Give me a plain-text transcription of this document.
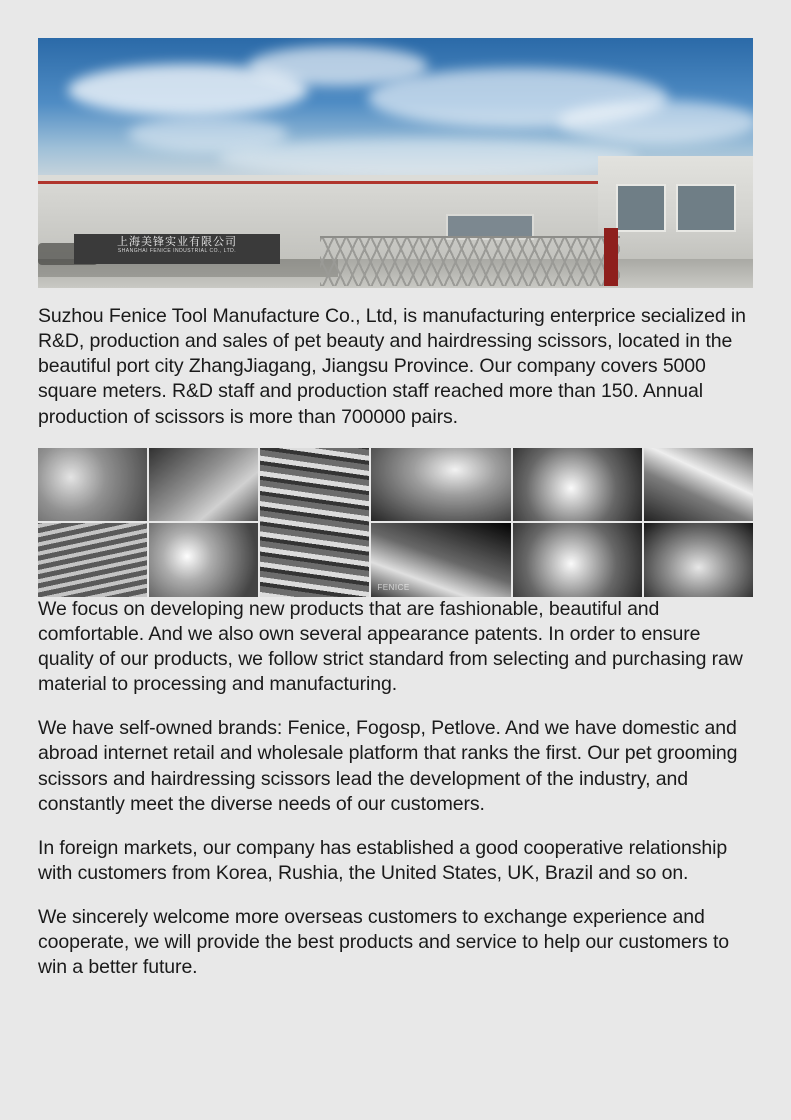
上海美锋实业有限公司
SHANGHAI FENICE INDUSTRIAL CO., LTD.

Suzhou Fenice Tool Manufacture Co., Ltd, is manufacturing enterprice secialized in R&D, production and sales of pet beauty and hairdressing scissors, located in the beautiful port city ZhangJiagang, Jiangsu Province. Our company covers 5000 square meters. R&D staff and production staff reached more than 150. Annual production of scissors is more than 700000 pairs.

FENICE

We focus on developing new products that are fashionable, beautiful and comfortable. And we also own several appearance patents. In order to ensure quality of our products, we follow strict standard from selecting and purchasing raw material to processing and manufacturing.

We have self-owned brands: Fenice, Fogosp, Petlove. And we have domestic and abroad internet retail and wholesale platform that ranks the first. Our pet grooming scissors and hairdressing scissors lead the development of the industry, and constantly meet the diverse needs of our customers.

In foreign markets, our company has established a good cooperative relationship with customers from Korea, Rushia, the United States, UK, Brazil and so on.

We sincerely welcome more overseas customers to exchange experience and cooperate, we will provide the best products and service to help our customers to win a better future.
